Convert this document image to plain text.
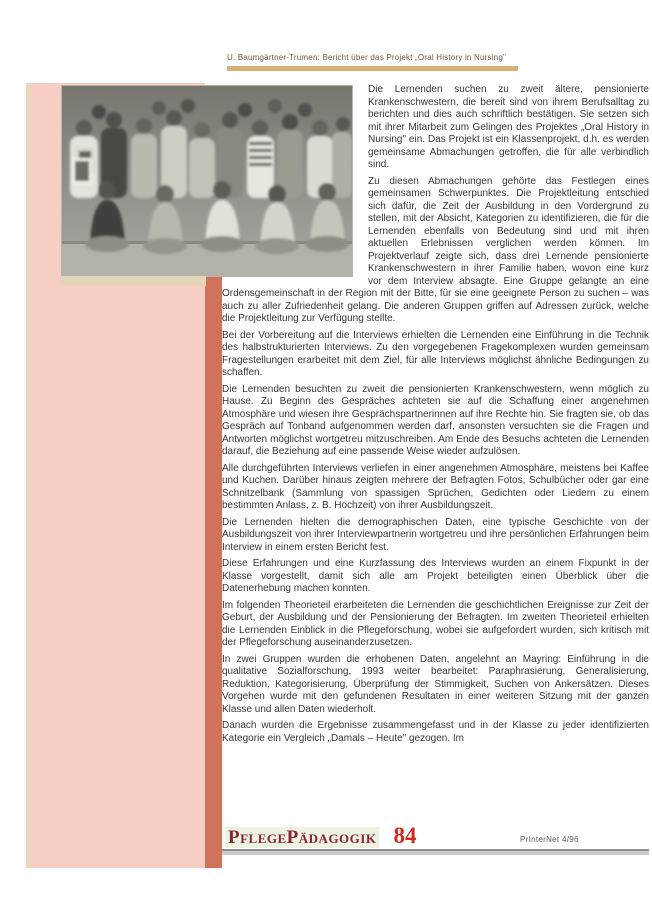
U. Baumgärtner-Trumen: Bericht über das Projekt „Oral History in Nursing"

Die Lernenden suchen zu zweit ältere, pensionierte Krankenschwestern, die bereit sind von ihrem Berufsalltag zu berichten und dies auch schriftlich bestätigen. Sie setzen sich mit ihrer Mitarbeit zum Gelingen des Projektes „Oral History in Nursing" ein. Das Projekt ist ein Klassenprojekt, d.h. es werden gemeinsame Abmachungen getroffen, die für alle verbindlich sind.

Zu diesen Abmachungen gehörte das Festlegen eines gemeinsamen Schwerpunktes. Die Projektleitung entschied sich dafür, die Zeit der Ausbildung in den Vordergrund zu stellen, mit der Absicht, Kategorien zu identifizieren, die für die Lernenden ebenfalls von Bedeutung sind und mit ihren aktuellen Erlebnissen verglichen werden können. Im Projektverlauf zeigte sich, dass drei Lernende pensionierte Krankenschwestern in ihrer Familie haben, wovon eine kurz vor dem Interview absagte. Eine Gruppe gelangte an eine Ordensgemeinschaft in der Region mit der Bitte, für sie eine geeignete Person zu suchen – was auch zu aller Zufriedenheit gelang. Die anderen Gruppen griffen auf Adressen zurück, welche die Projektleitung zur Verfügung stellte.

Bei der Vorbereitung auf die Interviews erhielten die Lernenden eine Einführung in die Technik des halbstrukturierten Interviews. Zu den vorgegebenen Fragekomplexen wurden gemeinsam Fragestellungen erarbeitet mit dem Ziel, für alle Interviews möglichst ähnliche Bedingungen zu schaffen.

Die Lernenden besuchten zu zweit die pensionierten Krankenschwestern, wenn möglich zu Hause. Zu Beginn des Gespräches achteten sie auf die Schaffung einer angenehmen Atmosphäre und wiesen ihre Gesprächspartnerinnen auf ihre Rechte hin. Sie fragten sie, ob das Gespräch auf Tonband aufgenommen werden darf, ansonsten versuchten sie die Fragen und Antworten möglichst wortgetreu mitzuschreiben. Am Ende des Besuchs achteten die Lernenden darauf, die Beziehung auf eine passende Weise wieder aufzulösen.

Alle durchgeführten Interviews verliefen in einer angenehmen Atmosphäre, meistens bei Kaffee und Kuchen. Darüber hinaus zeigten mehrere der Befragten Fotos, Schulbücher oder gar eine Schnitzelbank (Sammlung von spassigen Sprüchen, Gedichten oder Liedern zu einem bestimmten Anlass, z. B. Hochzeit) von ihrer Ausbildungszeit.

Die Lernenden hielten die demographischen Daten, eine typische Geschichte von der Ausbildungszeit von ihrer Interviewpartnerin wortgetreu und ihre persönlichen Erfahrungen beim Interview in einem ersten Bericht fest.

Diese Erfahrungen und eine Kurzfassung des Interviews wurden an einem Fixpunkt in der Klasse vorgestellt, damit sich alle am Projekt beteiligten einen Überblick über die Datenerhebung machen konnten.

Im folgenden Theorieteil erarbeiteten die Lernenden die geschichtlichen Ereignisse zur Zeit der Geburt, der Ausbildung und der Pensionierung der Befragten. Im zweiten Theorieteil erhielten die Lernenden Einblick in die Pflegeforschung, wobei sie aufgefordert wurden, sich kritisch mit der Pflegeforschung auseinanderzusetzen.

In zwei Gruppen wurden die erhobenen Daten, angelehnt an Mayring: Einführung in die qualitative Sozialforschung, 1993 weiter bearbeitet: Paraphrasierung, Generalisierung, Reduktion, Kategorisierung, Überprüfung der Stimmigkeit, Suchen von Ankersätzen. Dieses Vorgehen wurde mit den gefundenen Resultaten in einer weiteren Sitzung mit der ganzen Klasse und allen Daten wiederholt.

Danach wurden die Ergebnisse zusammengefasst und in der Klasse zu jeder identifizierten Kategorie ein Vergleich „Damals – Heute" gezogen. Im

PflegePädagogik 84	PrInterNet 4/96
